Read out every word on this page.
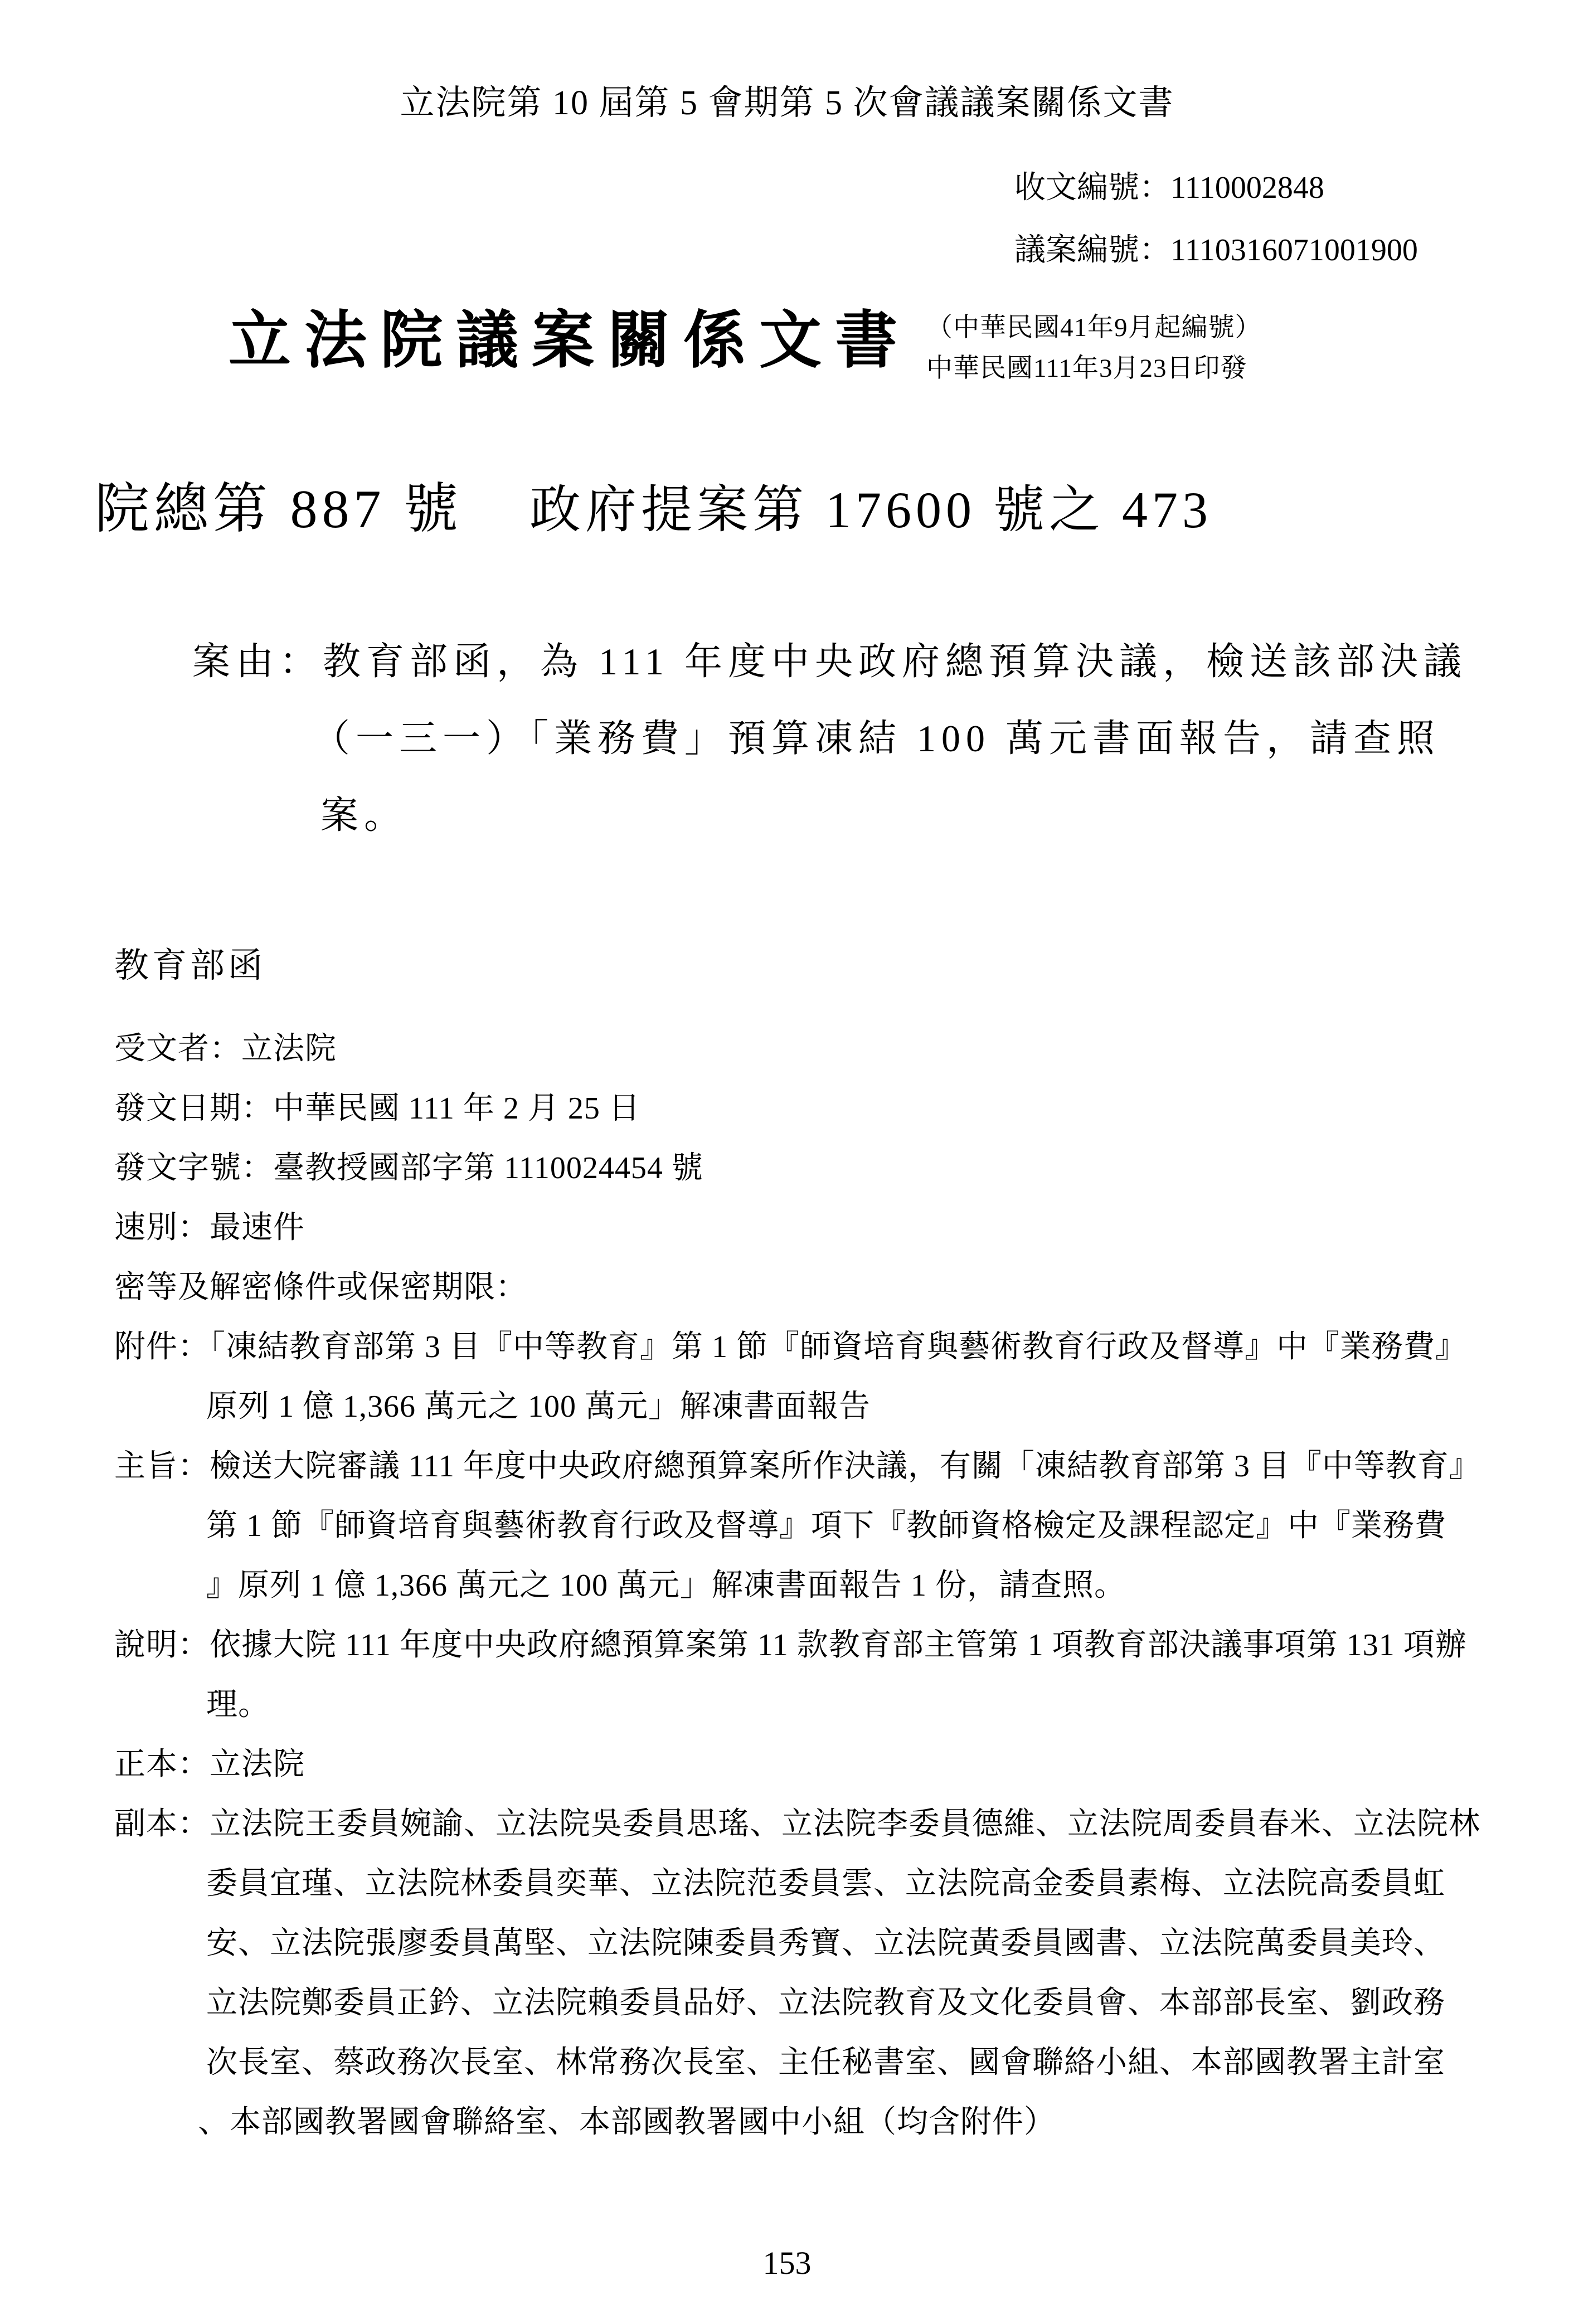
立法院第 10 屆第 5 會期第 5 次會議議案關係文書
收文編號：1110002848
議案編號：1110316071001900
立法院議案關係文書 （中華民國41年9月起編號）
中華民國111年3月23日印發
院總第 887 號 政府提案第 17600 號之 473
案由：教育部函，為 111 年度中央政府總預算決議，檢送該部決議
（一三一）「業務費」預算凍結 100 萬元書面報告，請查照
案。
教育部函
受文者：立法院
發文日期：中華民國 111 年 2 月 25 日
發文字號：臺教授國部字第 1110024454 號
速別：最速件
密等及解密條件或保密期限：
附件：「凍結教育部第 3 目『中等教育』第 1 節『師資培育與藝術教育行政及督導』中『業務費』
原列 1 億 1,366 萬元之 100 萬元」解凍書面報告
主旨：檢送大院審議 111 年度中央政府總預算案所作決議，有關「凍結教育部第 3 目『中等教育』
第 1 節『師資培育與藝術教育行政及督導』項下『教師資格檢定及課程認定』中『業務費
』原列 1 億 1,366 萬元之 100 萬元」解凍書面報告 1 份，請查照。
說明：依據大院 111 年度中央政府總預算案第 11 款教育部主管第 1 項教育部決議事項第 131 項辦
理。
正本：立法院
副本：立法院王委員婉諭、立法院吳委員思瑤、立法院李委員德維、立法院周委員春米、立法院林
委員宜瑾、立法院林委員奕華、立法院范委員雲、立法院高金委員素梅、立法院高委員虹
安、立法院張廖委員萬堅、立法院陳委員秀寶、立法院黃委員國書、立法院萬委員美玲、
立法院鄭委員正鈐、立法院賴委員品妤、立法院教育及文化委員會、本部部長室、劉政務
次長室、蔡政務次長室、林常務次長室、主任秘書室、國會聯絡小組、本部國教署主計室
、本部國教署國會聯絡室、本部國教署國中小組（均含附件）
153
